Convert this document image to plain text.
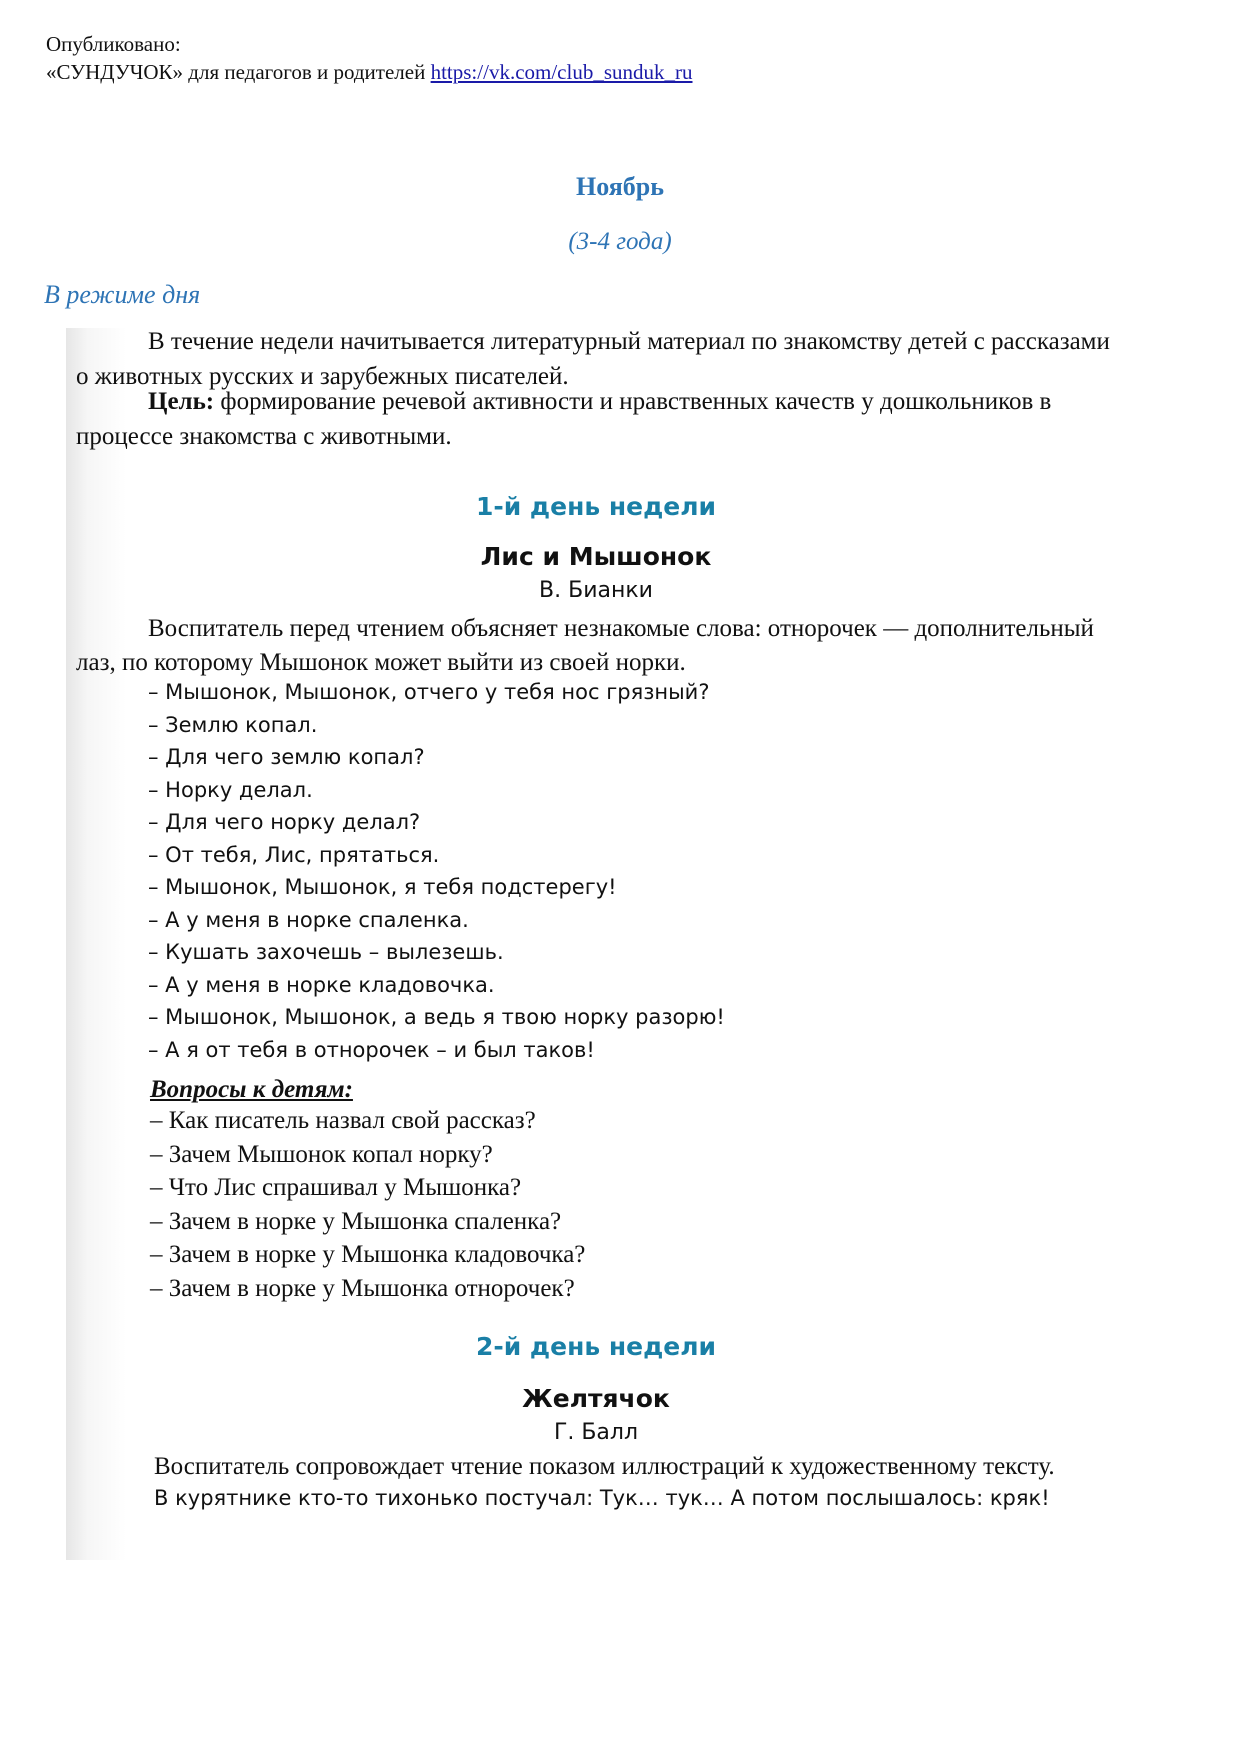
Опубликовано:
«СУНДУЧОК» для педагогов и родителей https://vk.com/club_sunduk_ru
Ноябрь
(3-4 года)
В режиме дня
В течение недели начитывается литературный материал по знакомству детей с рассказами о животных русских и зарубежных писателей.
Цель: формирование речевой активности и нравственных качеств у дошкольников в процессе знакомства с животными.
1-й день недели
Лис и Мышонок
В. Бианки
Воспитатель перед чтением объясняет незнакомые слова: отнорочек — дополнительный лаз, по которому Мышонок может выйти из своей норки.
– Мышонок, Мышонок, отчего у тебя нос грязный?
– Землю копал.
– Для чего землю копал?
– Норку делал.
– Для чего норку делал?
– От тебя, Лис, прятаться.
– Мышонок, Мышонок, я тебя подстерегу!
– А у меня в норке спаленка.
– Кушать захочешь – вылезешь.
– А у меня в норке кладовочка.
– Мышонок, Мышонок, а ведь я твою норку разорю!
– А я от тебя в отнорочек – и был таков!
Вопросы к детям:
– Как писатель назвал свой рассказ?
– Зачем Мышонок копал норку?
– Что Лис спрашивал у Мышонка?
– Зачем в норке у Мышонка спаленка?
– Зачем в норке у Мышонка кладовочка?
– Зачем в норке у Мышонка отнорочек?
2-й день недели
Желтячок
Г. Балл
Воспитатель сопровождает чтение показом иллюстраций к художественному тексту.
В курятнике кто-то тихонько постучал: Тук… тук… А потом послышалось: кряк!
